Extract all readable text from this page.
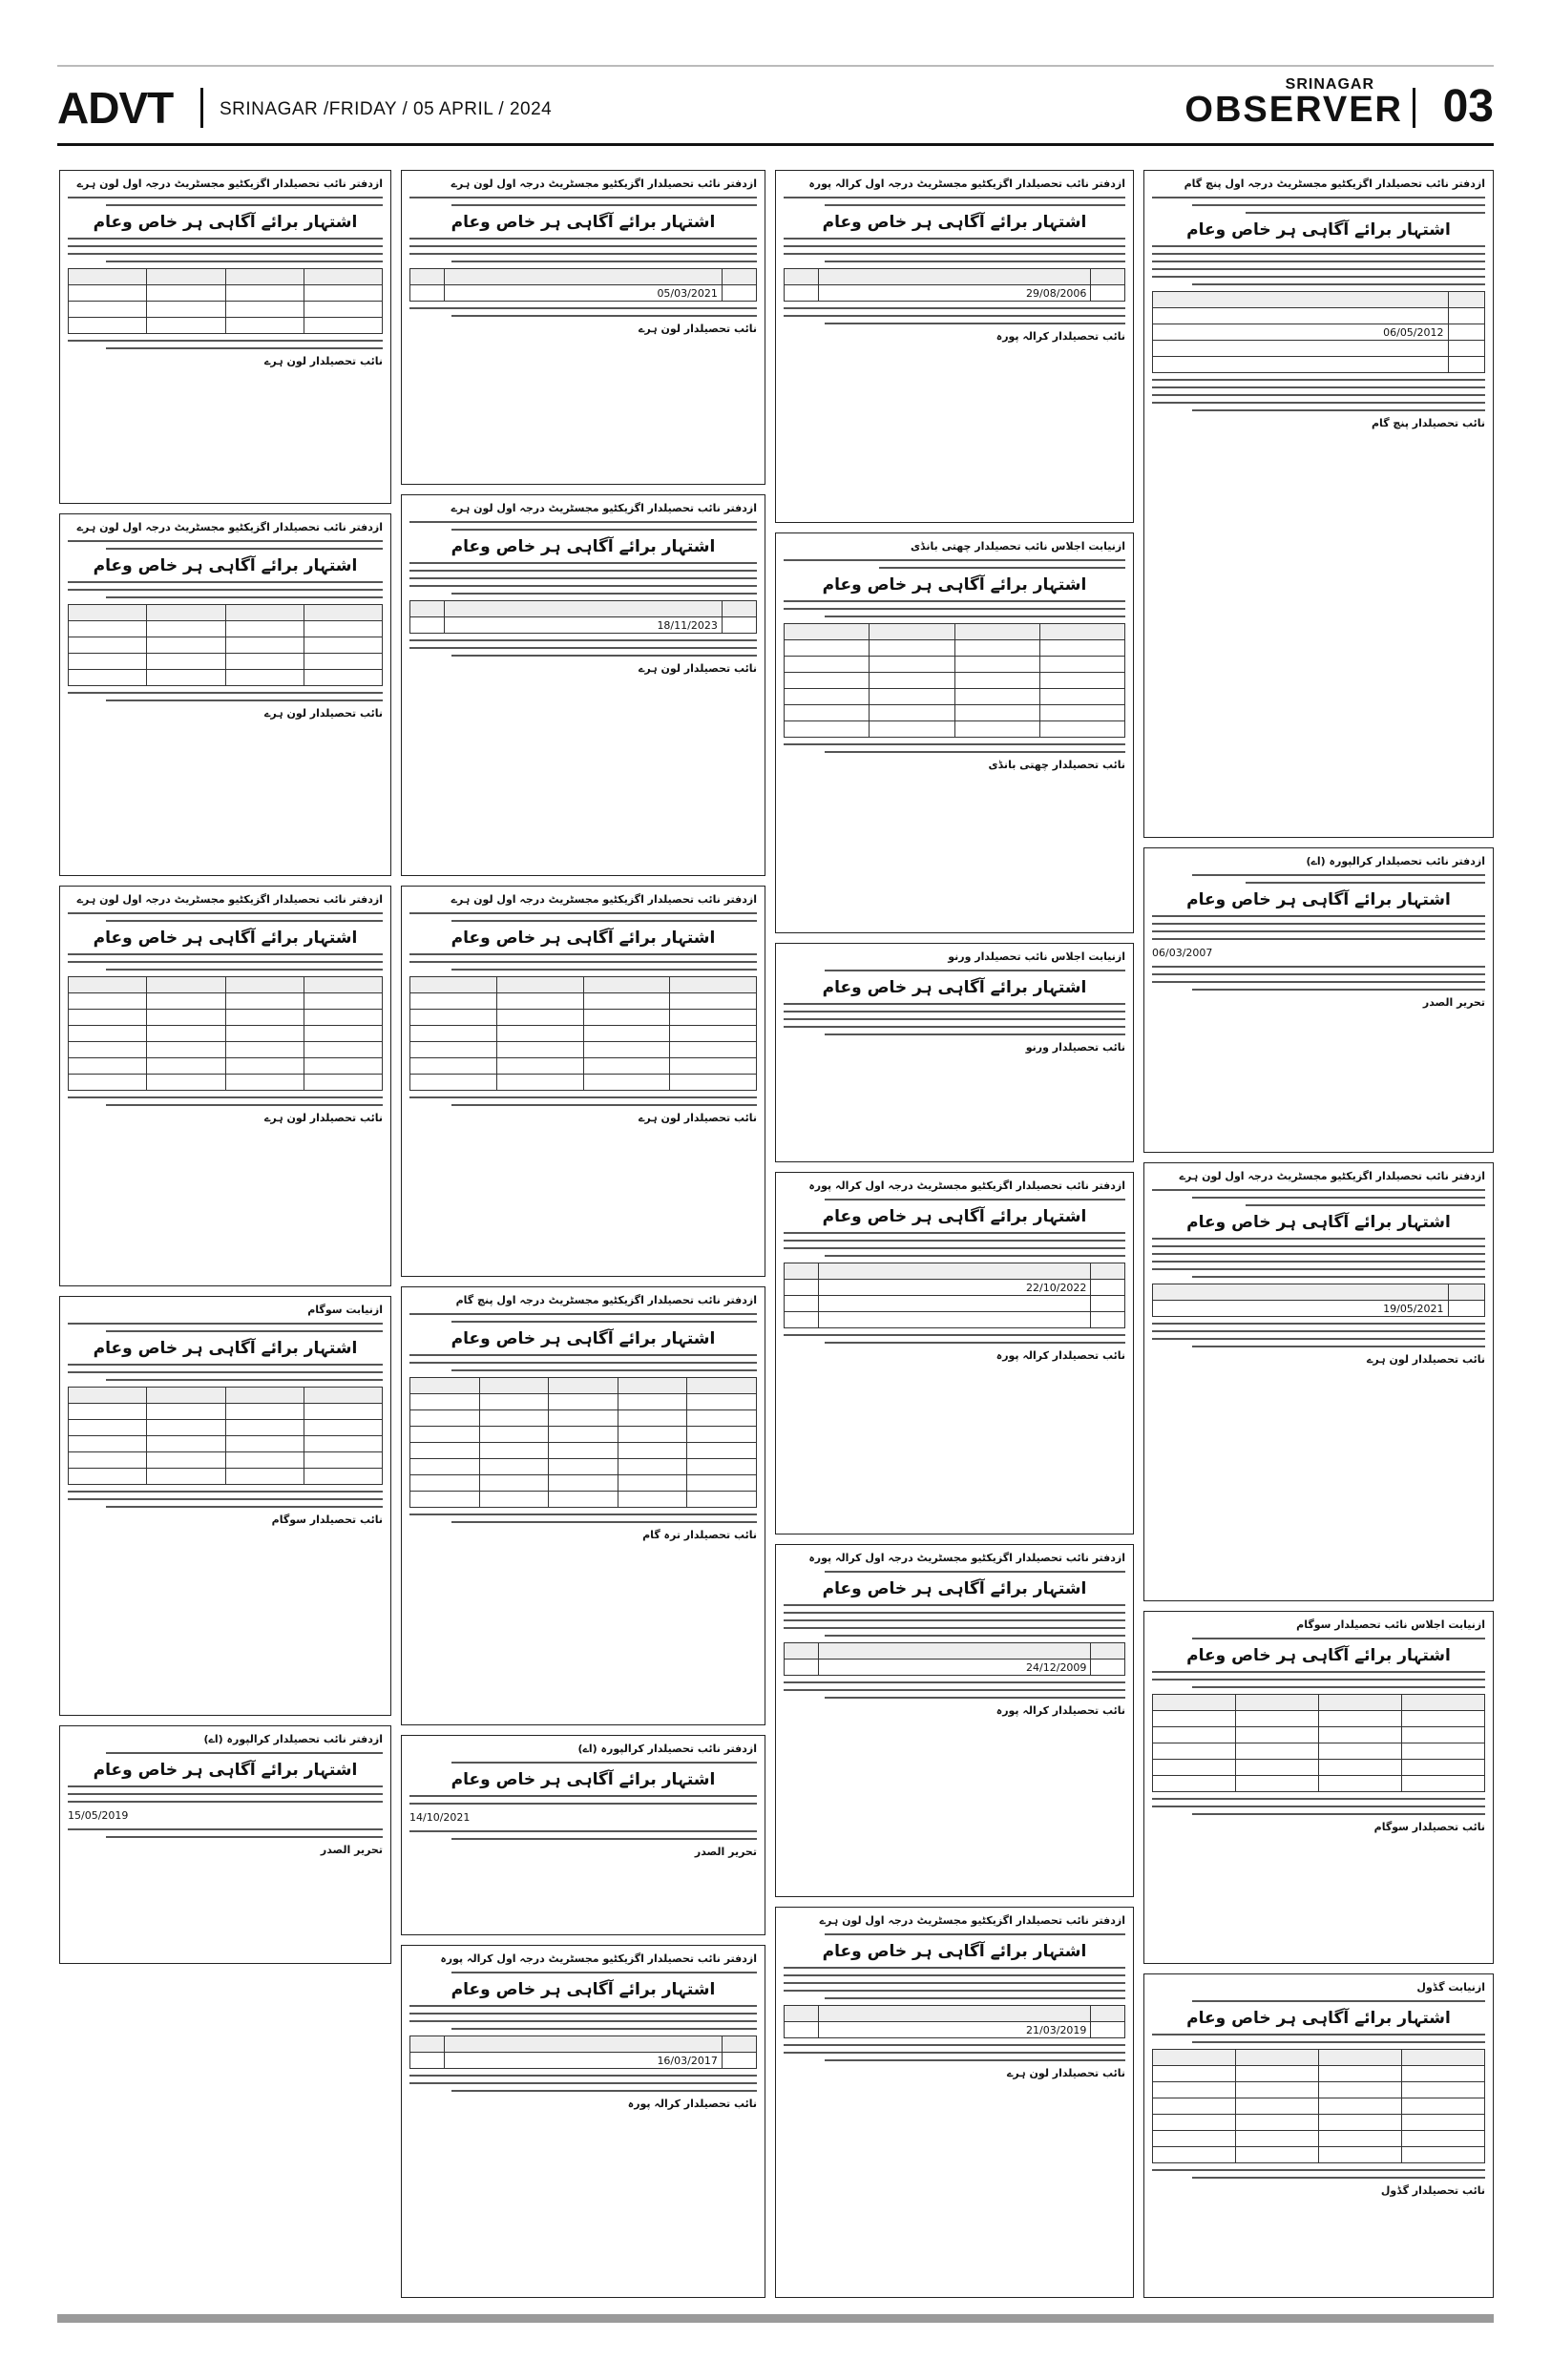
ADVT	SRINAGAR /FRIDAY / 05 APRIL / 2024
SRINAGAR
OBSERVER 03
ازدفتر نائب تحصیلدار اگزیکٹیو مجسٹریٹ درجہ اول پنچ گام
اشتہار برائے آگاہی ہر خاص وعام

06/05/2012	

نائب تحصیلدار پنچ گام
ازدفتر نائب تحصیلدار کرالپورہ (اے)
اشتہار برائے آگاہی ہر خاص وعام
06/03/2007
تحریر الصدر
ازدفتر نائب تحصیلدار اگزیکٹیو مجسٹریٹ درجہ اول لون ہرے
اشتہار برائے آگاہی ہر خاص وعام

19/05/2021	
نائب تحصیلدار لون ہرے
ازنیابت اجلاس نائب تحصیلدار سوگام
اشتہار برائے آگاہی ہر خاص وعام

نائب تحصیلدار سوگام
ازنیابت گڈول
اشتہار برائے آگاہی ہر خاص وعام

نائب تحصیلدار گڈول
ازدفتر نائب تحصیلدار اگزیکٹیو مجسٹریٹ درجہ اول کرالہ پورہ
اشتہار برائے آگاہی ہر خاص وعام

	29/08/2006	
نائب تحصیلدار کرالہ پورہ
ازنیابت اجلاس نائب تحصیلدار چھتی بانڈی
اشتہار برائے آگاہی ہر خاص وعام

نائب تحصیلدار چھتی بانڈی
ازنیابت اجلاس نائب تحصیلدار ورنو
اشتہار برائے آگاہی ہر خاص وعام
نائب تحصیلدار ورنو
ازدفتر نائب تحصیلدار اگزیکٹیو مجسٹریٹ درجہ اول کرالہ پورہ
اشتہار برائے آگاہی ہر خاص وعام

	22/10/2022	

نائب تحصیلدار کرالہ پورہ
ازدفتر نائب تحصیلدار اگزیکٹیو مجسٹریٹ درجہ اول کرالہ پورہ
اشتہار برائے آگاہی ہر خاص وعام

	24/12/2009	
نائب تحصیلدار کرالہ پورہ
ازدفتر نائب تحصیلدار اگزیکٹیو مجسٹریٹ درجہ اول لون ہرے
اشتہار برائے آگاہی ہر خاص وعام

	21/03/2019	
نائب تحصیلدار لون ہرے
ازدفتر نائب تحصیلدار اگزیکٹیو مجسٹریٹ درجہ اول لون ہرے
اشتہار برائے آگاہی ہر خاص وعام

	05/03/2021	
نائب تحصیلدار لون ہرے
ازدفتر نائب تحصیلدار اگزیکٹیو مجسٹریٹ درجہ اول لون ہرے
اشتہار برائے آگاہی ہر خاص وعام

	18/11/2023	
نائب تحصیلدار لون ہرے
ازدفتر نائب تحصیلدار اگزیکٹیو مجسٹریٹ درجہ اول لون ہرے
اشتہار برائے آگاہی ہر خاص وعام

نائب تحصیلدار لون ہرے
ازدفتر نائب تحصیلدار اگزیکٹیو مجسٹریٹ درجہ اول پنچ گام
اشتہار برائے آگاہی ہر خاص وعام

نائب تحصیلدار ترہ گام
ازدفتر نائب تحصیلدار کرالپورہ (اے)
اشتہار برائے آگاہی ہر خاص وعام
14/10/2021
تحریر الصدر
ازدفتر نائب تحصیلدار اگزیکٹیو مجسٹریٹ درجہ اول کرالہ پورہ
اشتہار برائے آگاہی ہر خاص وعام

	16/03/2017	
نائب تحصیلدار کرالہ پورہ
ازدفتر نائب تحصیلدار اگزیکٹیو مجسٹریٹ درجہ اول لون ہرے
اشتہار برائے آگاہی ہر خاص وعام

نائب تحصیلدار لون ہرے
ازدفتر نائب تحصیلدار اگزیکٹیو مجسٹریٹ درجہ اول لون ہرے
اشتہار برائے آگاہی ہر خاص وعام

نائب تحصیلدار لون ہرے
ازدفتر نائب تحصیلدار اگزیکٹیو مجسٹریٹ درجہ اول لون ہرے
اشتہار برائے آگاہی ہر خاص وعام

نائب تحصیلدار لون ہرے
ازنیابت سوگام
اشتہار برائے آگاہی ہر خاص وعام

نائب تحصیلدار سوگام
ازدفتر نائب تحصیلدار کرالپورہ (اے)
اشتہار برائے آگاہی ہر خاص وعام
15/05/2019
تحریر الصدر
